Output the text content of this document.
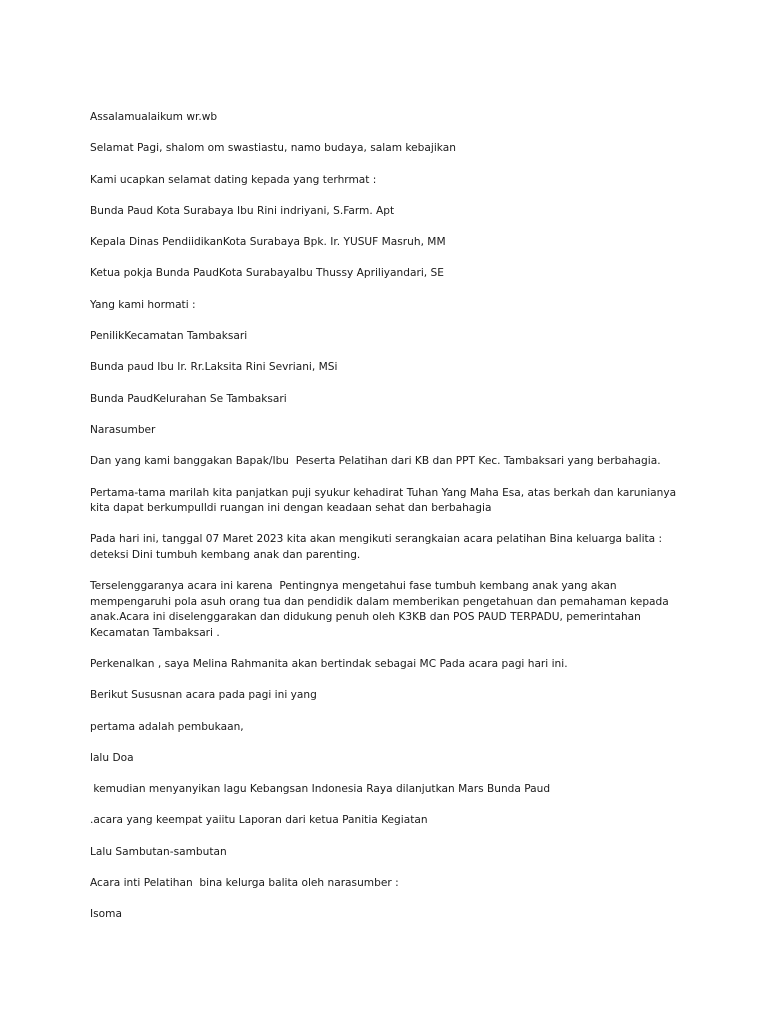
Assalamualaikum wr.wb

Selamat Pagi, shalom om swastiastu, namo budaya, salam kebajikan

Kami ucapkan selamat dating kepada yang terhrmat :

Bunda Paud Kota Surabaya Ibu Rini indriyani, S.Farm. Apt

Kepala Dinas PendiidikanKota Surabaya Bpk. Ir. YUSUF Masruh, MM

Ketua pokja Bunda PaudKota SurabayaIbu Thussy Apriliyandari, SE

Yang kami hormati :

PenilikKecamatan Tambaksari

Bunda paud Ibu Ir. Rr.Laksita Rini Sevriani, MSi

Bunda PaudKelurahan Se Tambaksari

Narasumber

Dan yang kami banggakan Bapak/Ibu  Peserta Pelatihan dari KB dan PPT Kec. Tambaksari yang berbahagia.

Pertama-tama marilah kita panjatkan puji syukur kehadirat Tuhan Yang Maha Esa, atas berkah dan karunianya kita dapat berkumpulldi ruangan ini dengan keadaan sehat dan berbahagia

Pada hari ini, tanggal 07 Maret 2023 kita akan mengikuti serangkaian acara pelatihan Bina keluarga balita : deteksi Dini tumbuh kembang anak dan parenting.

Terselenggaranya acara ini karena  Pentingnya mengetahui fase tumbuh kembang anak yang akan mempengaruhi pola asuh orang tua dan pendidik dalam memberikan pengetahuan dan pemahaman kepada anak.Acara ini diselenggarakan dan didukung penuh oleh K3KB dan POS PAUD TERPADU, pemerintahan Kecamatan Tambaksari .

Perkenalkan , saya Melina Rahmanita akan bertindak sebagai MC Pada acara pagi hari ini.

Berikut Sususnan acara pada pagi ini yang

pertama adalah pembukaan,

lalu Doa

kemudian menyanyikan lagu Kebangsan Indonesia Raya dilanjutkan Mars Bunda Paud

.acara yang keempat yaiitu Laporan dari ketua Panitia Kegiatan

Lalu Sambutan-sambutan

Acara inti Pelatihan  bina kelurga balita oleh narasumber :

Isoma
